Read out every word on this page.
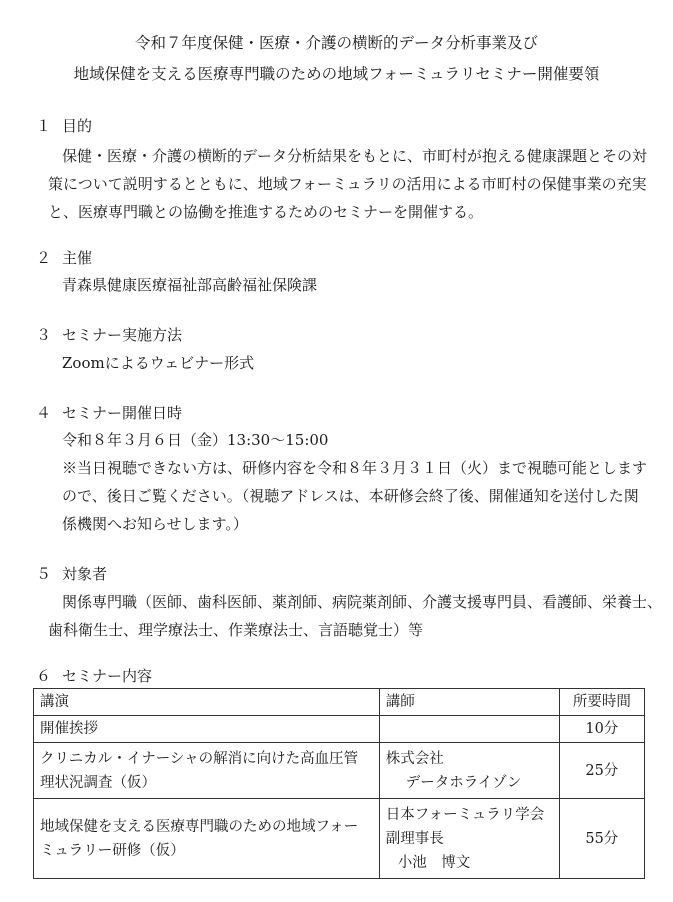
令和７年度保健・医療・介護の横断的データ分析事業及び
地域保健を支える医療専門職のための地域フォーミュラリセミナー開催要領
１ 目的
保健・医療・介護の横断的データ分析結果をもとに、市町村が抱える健康課題とその対
策について説明するとともに、地域フォーミュラリの活用による市町村の保健事業の充実
と、医療専門職との協働を推進するためのセミナーを開催する。
２ 主催
青森県健康医療福祉部高齢福祉保険課
３ セミナー実施方法
Zoomによるウェビナー形式
４ セミナー開催日時
令和８年３月６日（金）13:30～15:00
※当日視聴できない方は、研修内容を令和８年３月３１日（火）まで視聴可能とします
ので、後日ご覧ください。（視聴アドレスは、本研修会終了後、開催通知を送付した関
係機関へお知らせします。）
５ 対象者
関係専門職（医師、歯科医師、薬剤師、病院薬剤師、介護支援専門員、看護師、栄養士、
歯科衛生士、理学療法士、作業療法士、言語聴覚士）等
６ セミナー内容
講演	講師	所要時間

開催挨拶		10分

クリニカル・イナーシャの解消に向けた高血圧管
理状況調査（仮）	株式会社
データホライゾン	25分

地域保健を支える医療専門職のための地域フォー
ミュラリー研修（仮）	日本フォーミュラリ学会
副理事長
小池　博文	55分
